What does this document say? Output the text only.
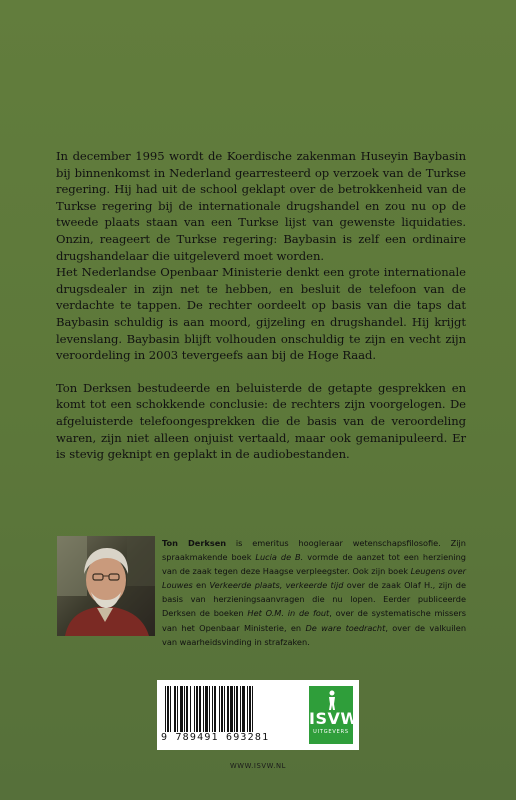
In december 1995 wordt de Koerdische zakenman Huseyin Baybasin bij binnenkomst in Nederland gearresteerd op verzoek van de Turkse regering. Hij had uit de school geklapt over de betrokkenheid van de Turkse regering bij de internationale drugshandel en zou nu op de tweede plaats staan van een Turkse lijst van gewenste liquidaties. Onzin, reageert de Turkse regering: Baybasin is zelf een ordinaire drugshandelaar die uitgeleverd moet worden.

Het Nederlandse Openbaar Ministerie denkt een grote internationale drugsdealer in zijn net te hebben, en besluit de telefoon van de verdachte te tappen. De rechter oordeelt op basis van die taps dat Baybasin schuldig is aan moord, gijzeling en drugshandel. Hij krijgt levenslang. Baybasin blijft volhouden onschuldig te zijn en vecht zijn veroordeling in 2003 tevergeefs aan bij de Hoge Raad.

Ton Derksen bestudeerde en beluisterde de getapte gesprekken en komt tot een schokkende conclusie: de rechters zijn voorgelogen. De afgeluisterde telefoongesprekken die de basis van de veroordeling waren, zijn niet alleen onjuist vertaald, maar ook gemanipuleerd. Er is stevig geknipt en geplakt in de audiobestanden.

Ton Derksen is emeritus hoogleraar wetenschapsfilosofie. Zijn spraakmakende boek Lucia de B. vormde de aanzet tot een herziening van de zaak tegen deze Haagse verpleegster. Ook zijn boek Leugens over Louwes en Verkeerde plaats, verkeerde tijd over de zaak Olaf H., zijn de basis van herzieningsaanvragen die nu lopen. Eerder publiceerde Derksen de boeken Het O.M. in de fout, over de systematische missers van het Openbaar Ministerie, en De ware toedracht, over de valkuilen van waarheidsvinding in strafzaken.
9 789491 693281
ISVW
UITGEVERS
WWW.ISVW.NL
